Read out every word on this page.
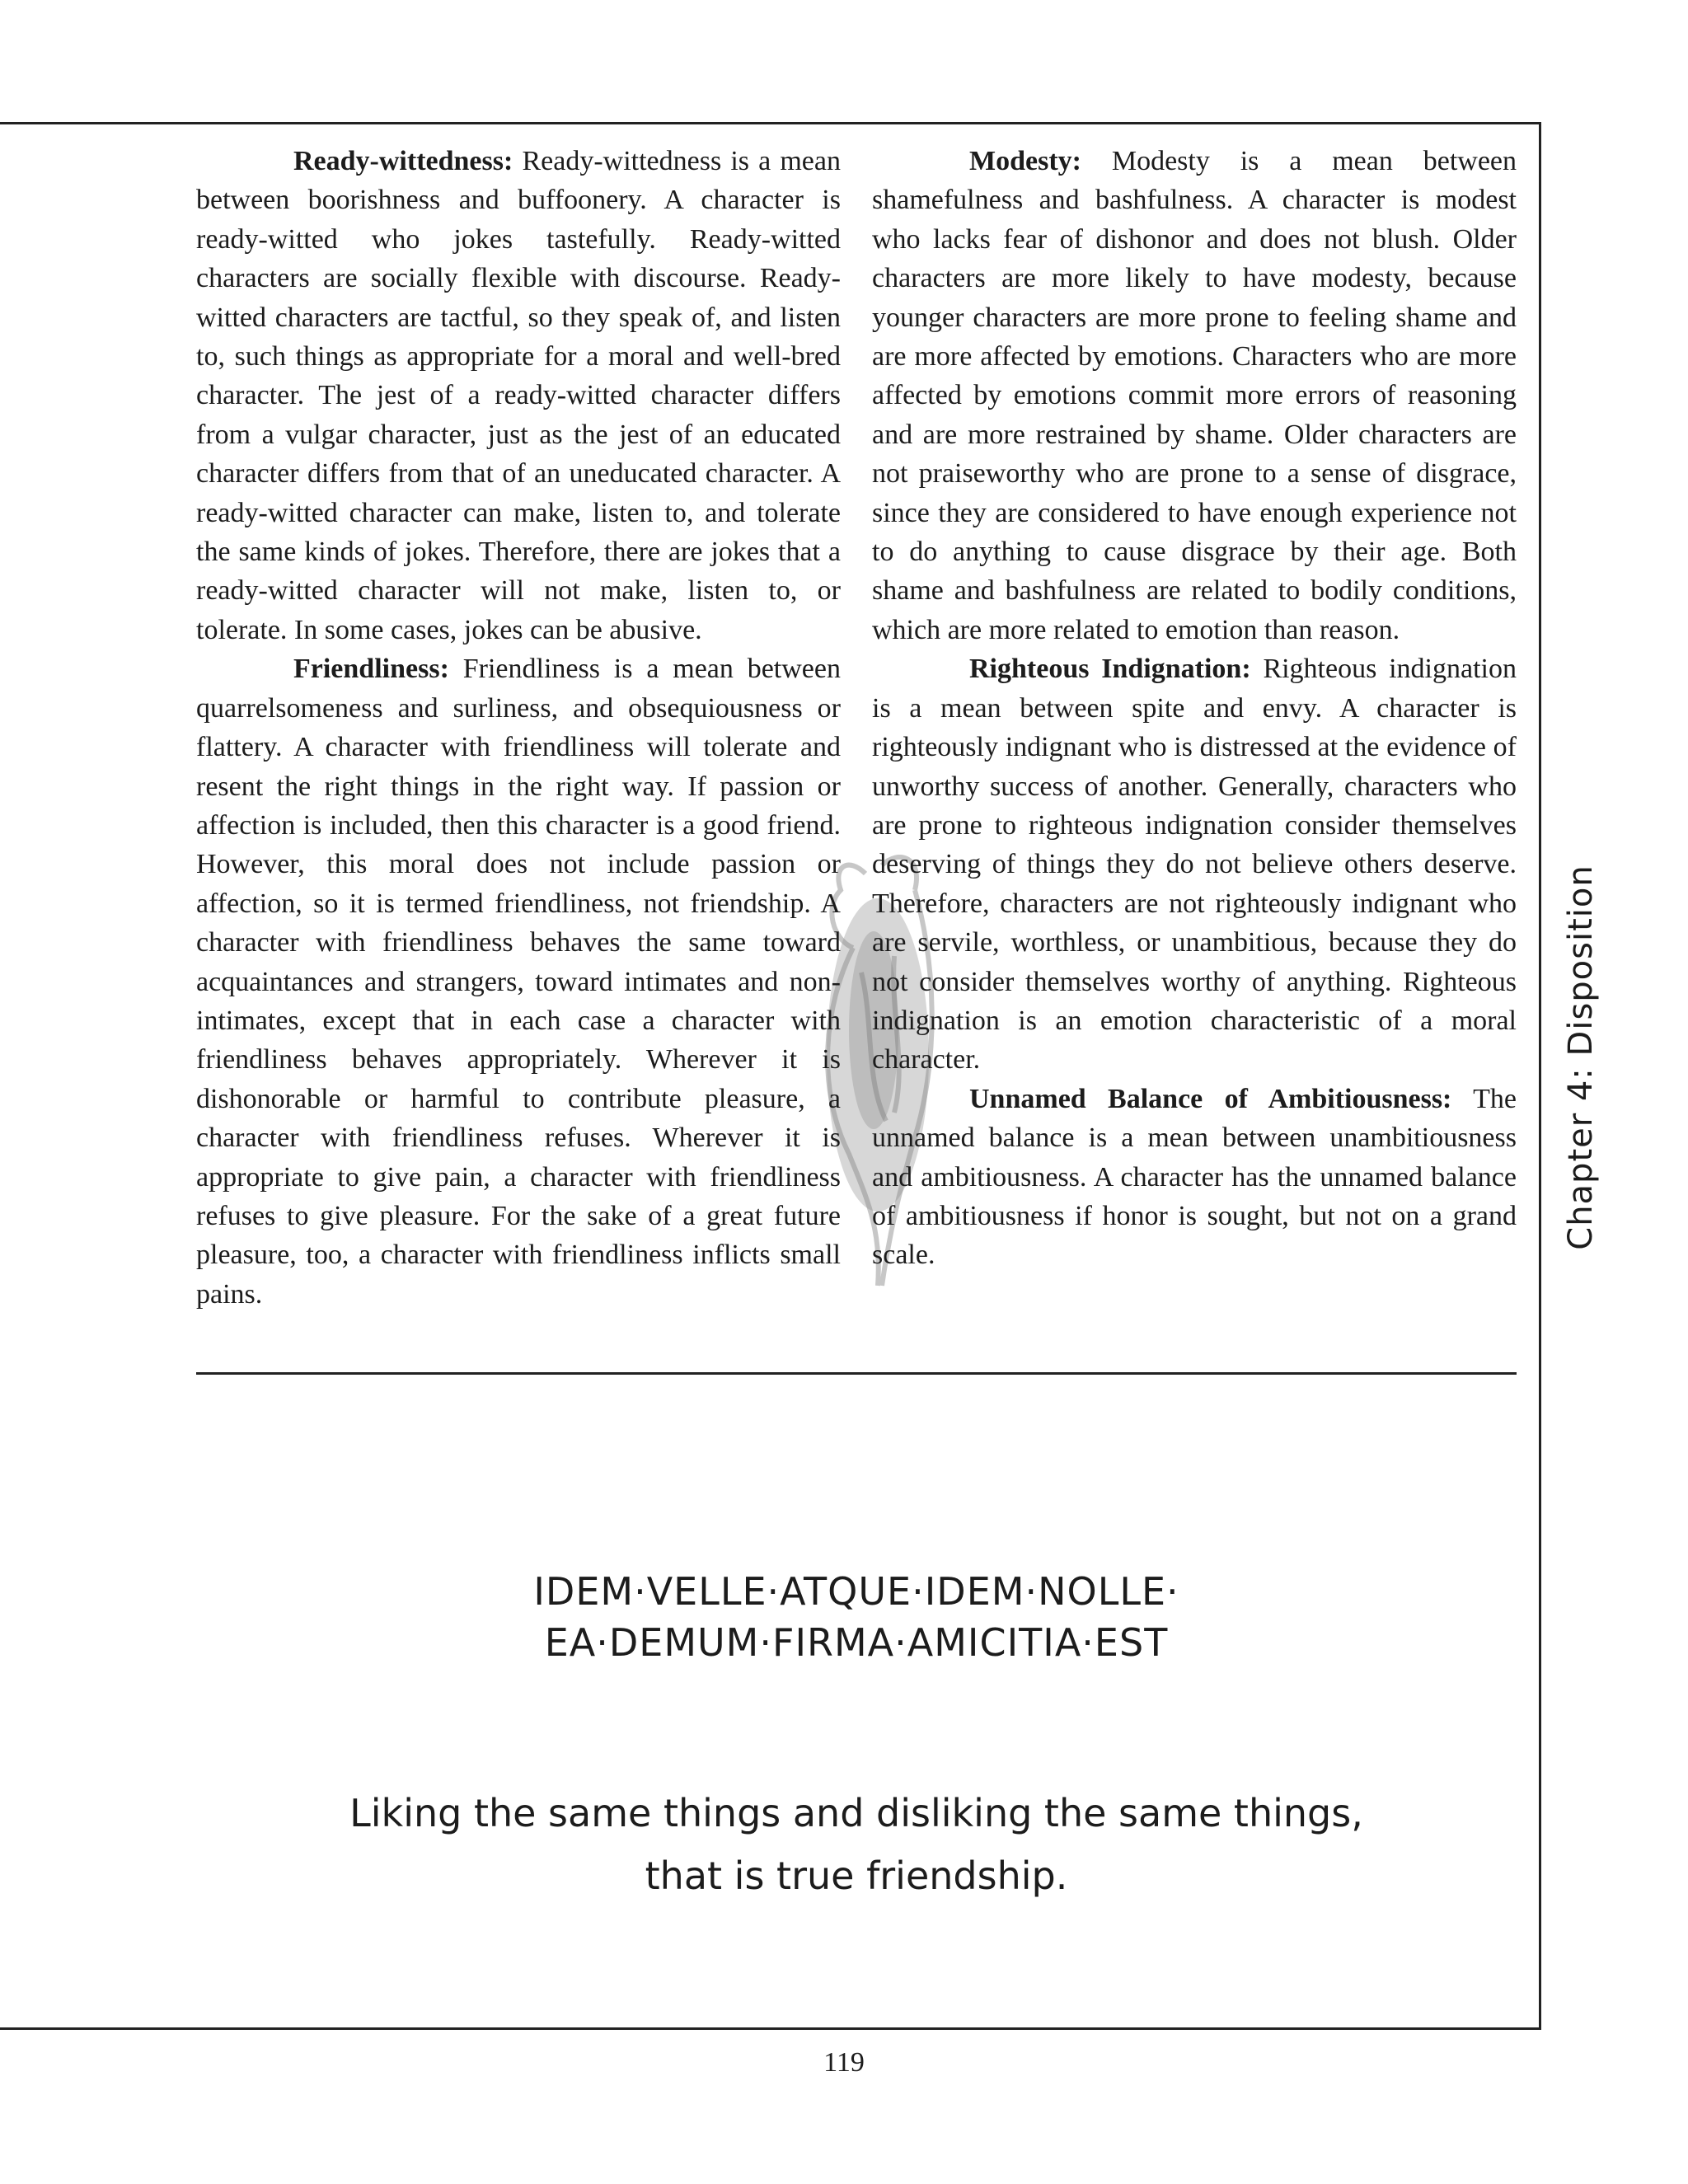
Ready-wittedness: Ready-wittedness is a mean between boorishness and buffoonery. A character is ready-witted who jokes tastefully. Ready-witted characters are socially flexible with discourse. Ready-witted characters are tactful, so they speak of, and listen to, such things as appropriate for a moral and well-bred character. The jest of a ready-witted character differs from a vulgar character, just as the jest of an educated character differs from that of an uneducated character. A ready-witted character can make, listen to, and tolerate the same kinds of jokes. Therefore, there are jokes that a ready-witted character will not make, listen to, or tolerate. In some cases, jokes can be abusive.

Friendliness: Friendliness is a mean between quarrelsomeness and surliness, and obsequiousness or flattery. A character with friendliness will tolerate and resent the right things in the right way. If passion or affection is included, then this character is a good friend. However, this moral does not include passion or affection, so it is termed friendliness, not friendship. A character with friendliness behaves the same toward acquaintances and strangers, toward intimates and non-intimates, except that in each case a character with friendliness behaves appropriately. Wherever it is dishonorable or harmful to contribute pleasure, a character with friendliness refuses. Wherever it is appropriate to give pain, a character with friendliness refuses to give pleasure. For the sake of a great future pleasure, too, a character with friendliness inflicts small pains.

Modesty: Modesty is a mean between shamefulness and bashfulness. A character is modest who lacks fear of dishonor and does not blush. Older characters are more likely to have modesty, because younger characters are more prone to feeling shame and are more affected by emotions. Characters who are more affected by emotions commit more errors of reasoning and are more restrained by shame. Older characters are not praiseworthy who are prone to a sense of disgrace, since they are considered to have enough experience not to do anything to cause disgrace by their age. Both shame and bashfulness are related to bodily conditions, which are more related to emotion than reason.

Righteous Indignation: Righteous indignation is a mean between spite and envy. A character is righteously indignant who is distressed at the evidence of unworthy success of another. Generally, characters who are prone to righteous indignation consider themselves deserving of things they do not believe others deserve. Therefore, characters are not righteously indignant who are servile, worthless, or unambitious, because they do not consider themselves worthy of anything. Righteous indignation is an emotion characteristic of a moral character.

Unnamed Balance of Ambitiousness: The unnamed balance is a mean between unambitiousness and ambitiousness. A character has the unnamed balance of ambitiousness if honor is sought, but not on a grand scale.

Chapter 4: Disposition
IDEM·VELLE·ATQUE·IDEM·NOLLE·
EA·DEMUM·FIRMA·AMICITIA·EST
Liking the same things and disliking the same things,
that is true friendship.
119
